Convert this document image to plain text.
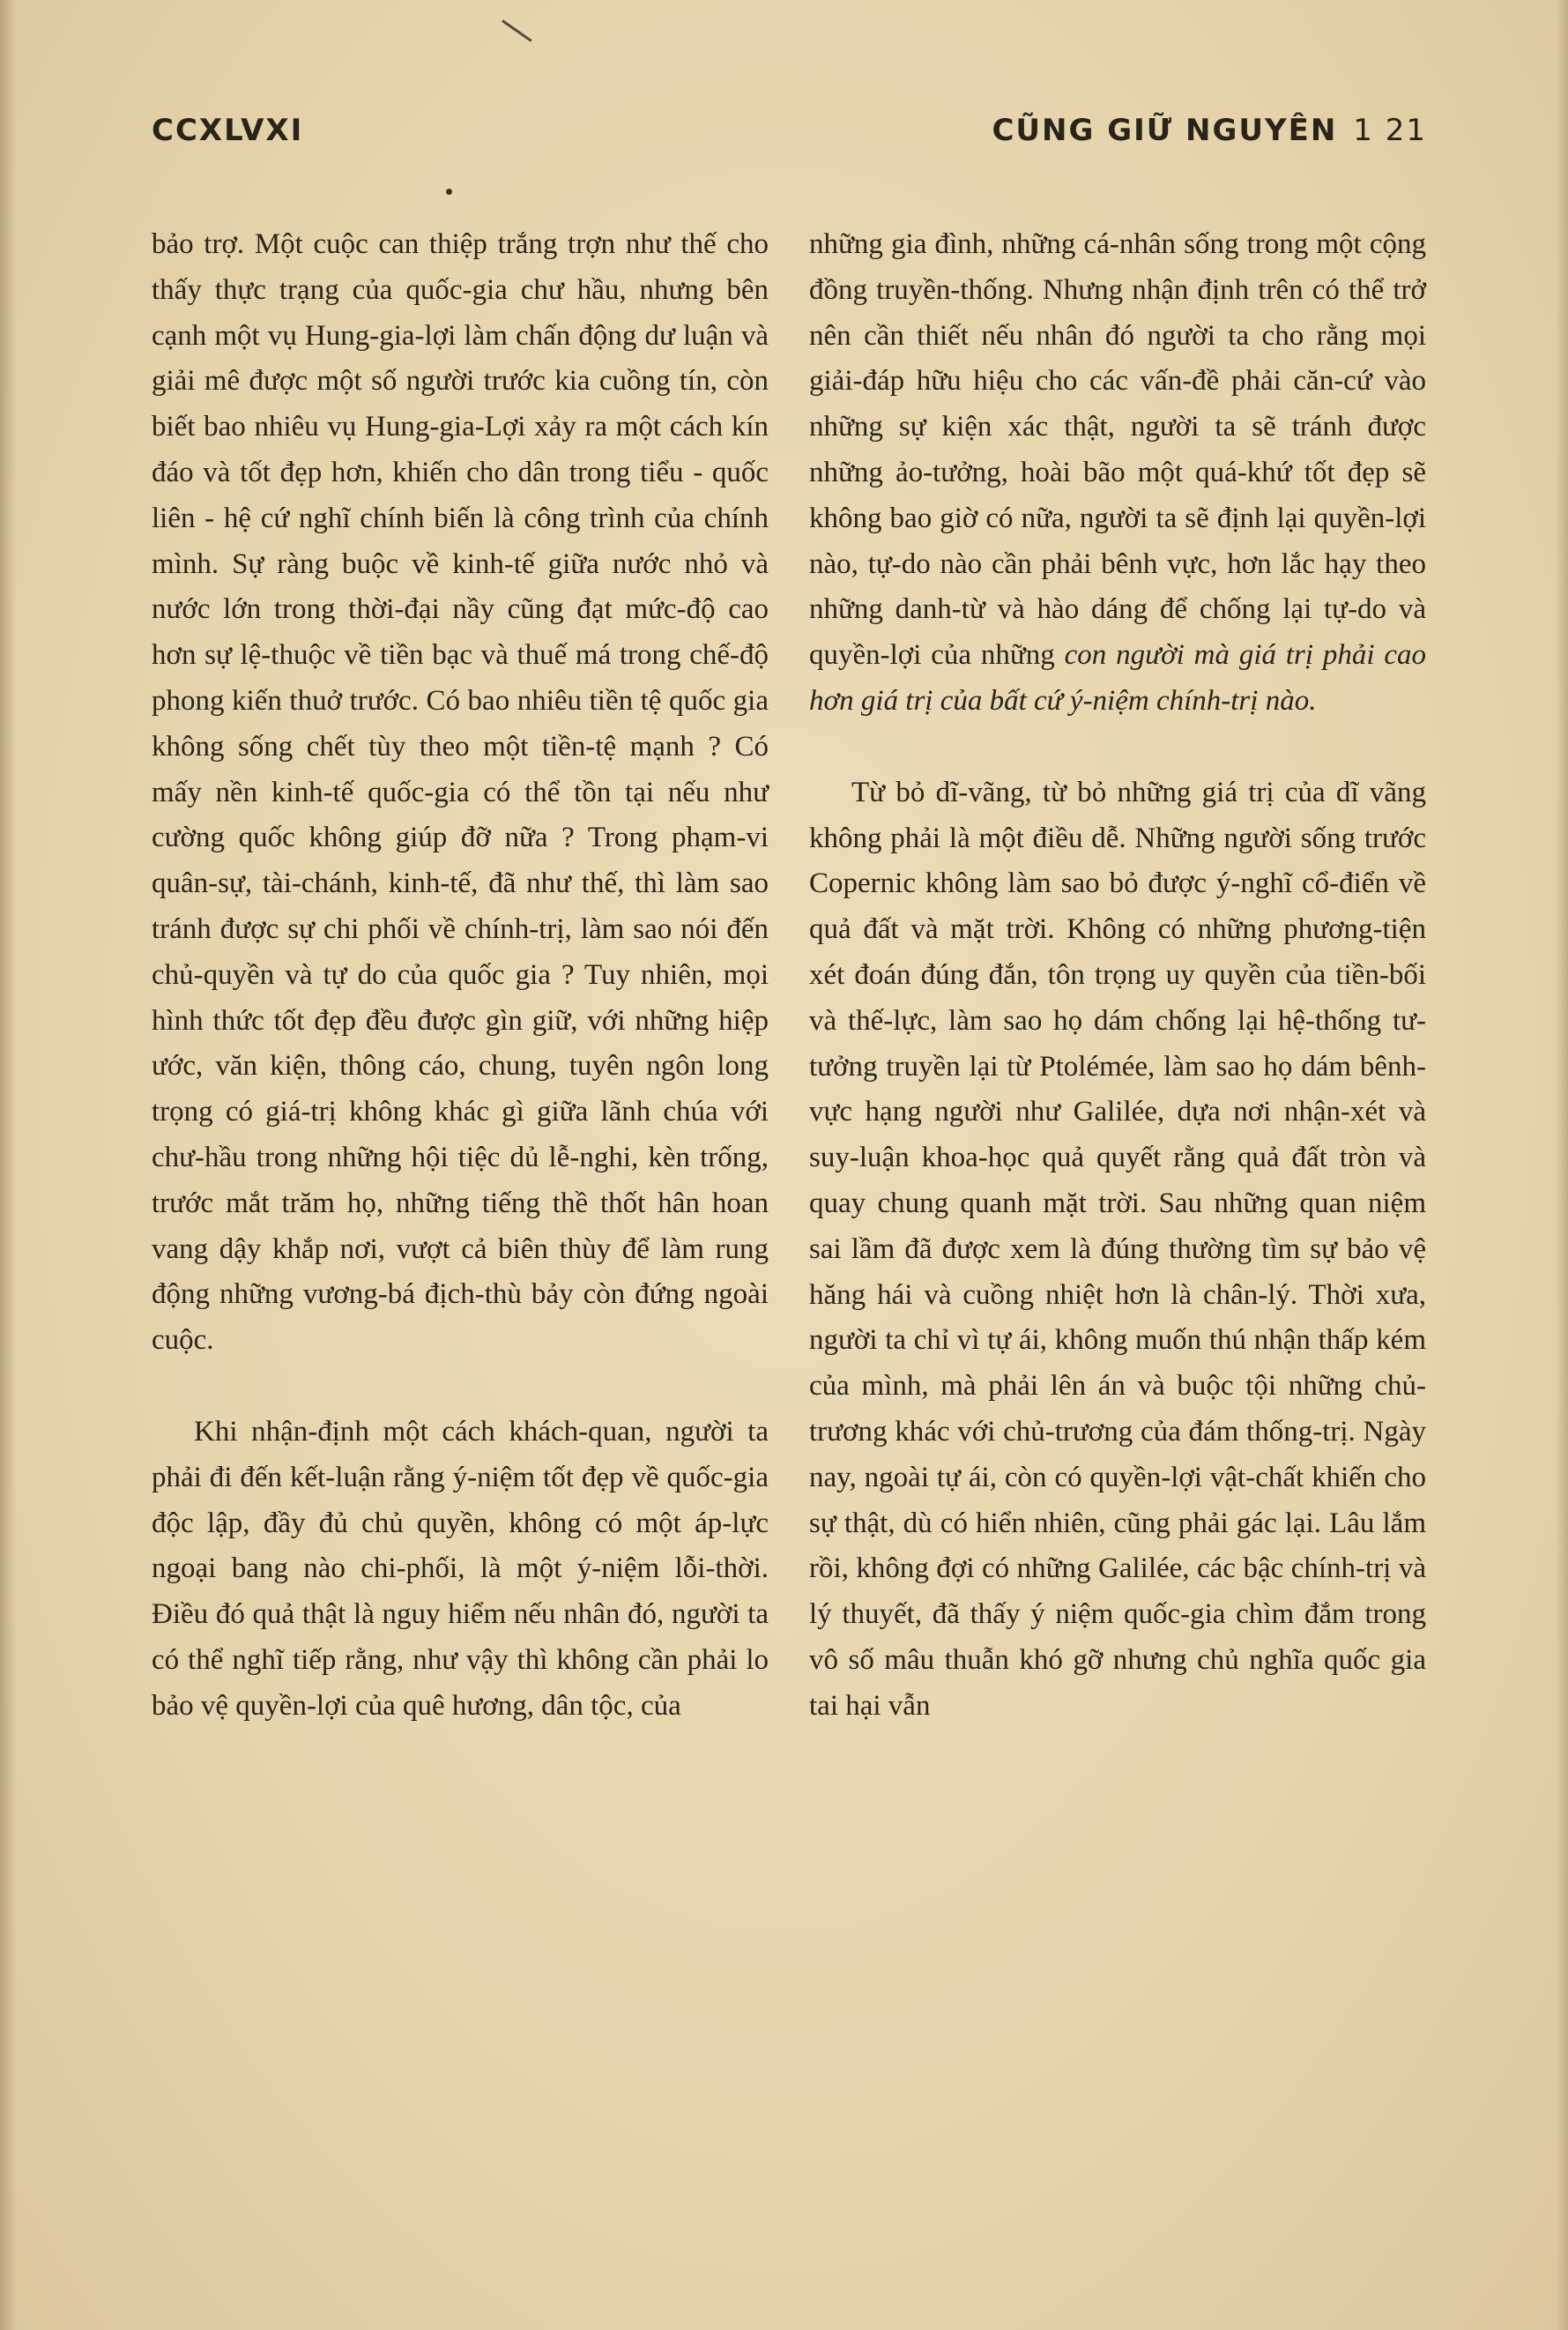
CCXLVXI	CŨNG GIỮ NGUYÊN 1 21

bảo trợ. Một cuộc can thiệp trắng trợn như thế cho thấy thực trạng của quốc-gia chư hầu, nhưng bên cạnh một vụ Hung-gia-lợi làm chấn động dư luận và giải mê được một số người trước kia cuồng tín, còn biết bao nhiêu vụ Hung-gia-Lợi xảy ra một cách kín đáo và tốt đẹp hơn, khiến cho dân trong tiểu - quốc liên - hệ cứ nghĩ chính biến là công trình của chính mình. Sự ràng buộc về kinh-tế giữa nước nhỏ và nước lớn trong thời-đại nầy cũng đạt mức-độ cao hơn sự lệ-thuộc về tiền bạc và thuế má trong chế-độ phong kiến thuở trước. Có bao nhiêu tiền tệ quốc gia không sống chết tùy theo một tiền-tệ mạnh ? Có mấy nền kinh-tế quốc-gia có thể tồn tại nếu như cường quốc không giúp đỡ nữa ? Trong phạm-vi quân-sự, tài-chánh, kinh-tế, đã như thế, thì làm sao tránh được sự chi phối về chính-trị, làm sao nói đến chủ-quyền và tự do của quốc gia ? Tuy nhiên, mọi hình thức tốt đẹp đều được gìn giữ, với những hiệp ước, văn kiện, thông cáo, chung, tuyên ngôn long trọng có giá-trị không khác gì giữa lãnh chúa với chư-hầu trong những hội tiệc dủ lễ-nghi, kèn trống, trước mắt trăm họ, những tiếng thề thốt hân hoan vang dậy khắp nơi, vượt cả biên thùy để làm rung động những vương-bá địch-thù bảy còn đứng ngoài cuộc.

Khi nhận-định một cách khách-quan, người ta phải đi đến kết-luận rằng ý-niệm tốt đẹp về quốc-gia độc lập, đầy đủ chủ quyền, không có một áp-lực ngoại bang nào chi-phối, là một ý-niệm lỗi-thời. Điều đó quả thật là nguy hiểm nếu nhân đó, người ta có thể nghĩ tiếp rằng, như vậy thì không cần phải lo bảo vệ quyền-lợi của quê hương, dân tộc, của

những gia đình, những cá-nhân sống trong một cộng đồng truyền-thống. Nhưng nhận định trên có thể trở nên cần thiết nếu nhân đó người ta cho rằng mọi giải-đáp hữu hiệu cho các vấn-đề phải căn-cứ vào những sự kiện xác thật, người ta sẽ tránh được những ảo-tưởng, hoài bão một quá-khứ tốt đẹp sẽ không bao giờ có nữa, người ta sẽ định lại quyền-lợi nào, tự-do nào cần phải bênh vực, hơn lắc hạy theo những danh-từ và hào dáng để chống lại tự-do và quyền-lợi của những con người mà giá trị phải cao hơn giá trị của bất cứ ý-niệm chính-trị nào.

Từ bỏ dĩ-vãng, từ bỏ những giá trị của dĩ vãng không phải là một điều dễ. Những người sống trước Copernic không làm sao bỏ được ý-nghĩ cổ-điển về quả đất và mặt trời. Không có những phương-tiện xét đoán đúng đắn, tôn trọng uy quyền của tiền-bối và thế-lực, làm sao họ dám chống lại hệ-thống tư-tưởng truyền lại từ Ptolémée, làm sao họ dám bênh-vực hạng người như Galilée, dựa nơi nhận-xét và suy-luận khoa-học quả quyết rằng quả đất tròn và quay chung quanh mặt trời. Sau những quan niệm sai lầm đã được xem là đúng thường tìm sự bảo vệ hăng hái và cuồng nhiệt hơn là chân-lý. Thời xưa, người ta chỉ vì tự ái, không muốn thú nhận thấp kém của mình, mà phải lên án và buộc tội những chủ-trương khác với chủ-trương của đám thống-trị. Ngày nay, ngoài tự ái, còn có quyền-lợi vật-chất khiến cho sự thật, dù có hiển nhiên, cũng phải gác lại. Lâu lắm rồi, không đợi có những Galilée, các bậc chính-trị và lý thuyết, đã thấy ý niệm quốc-gia chìm đắm trong vô số mâu thuẫn khó gỡ nhưng chủ nghĩa quốc gia tai hại vẫn
